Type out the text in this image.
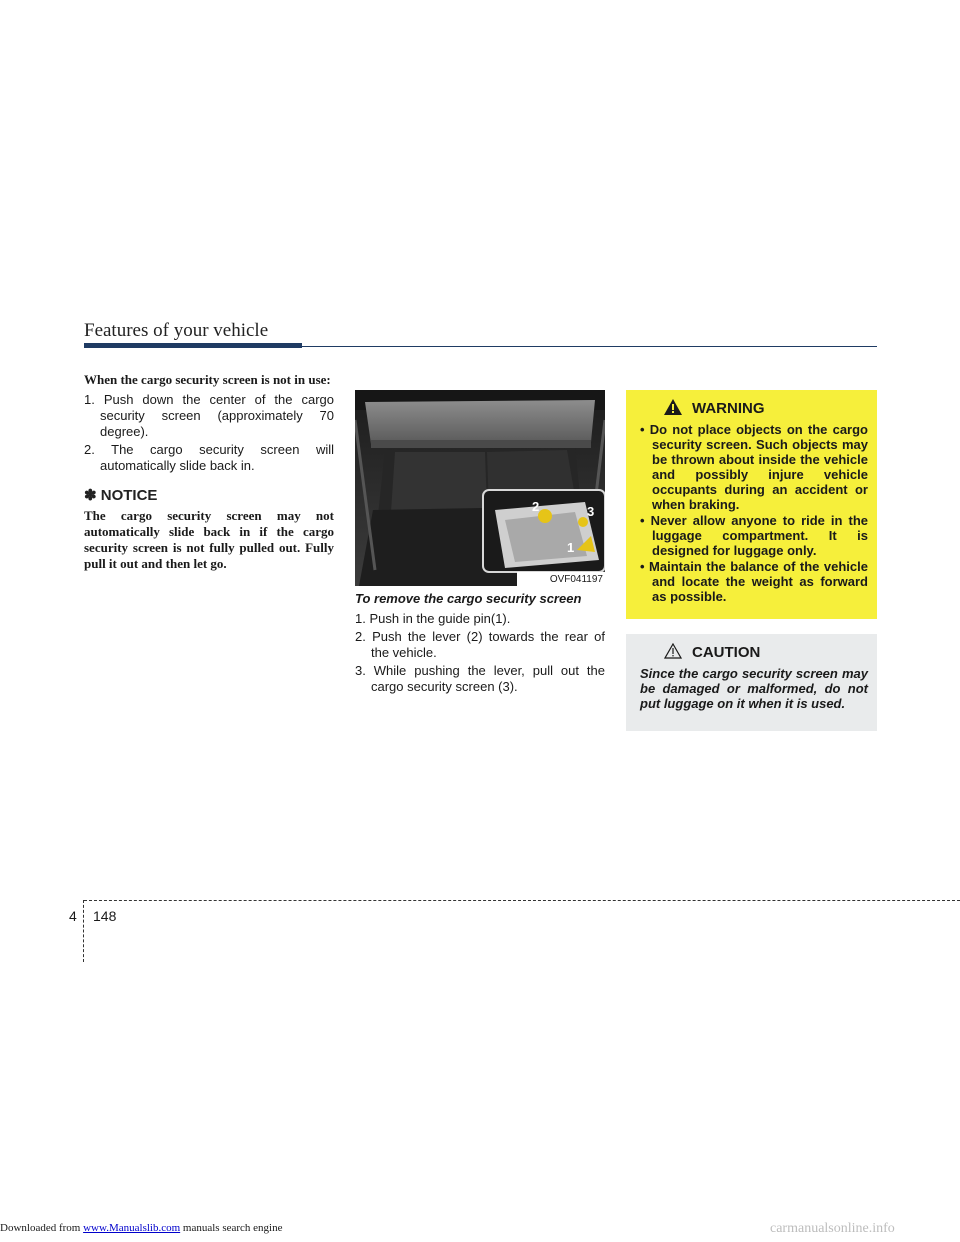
Features of your vehicle
When the cargo security screen is not in use:
1. Push down the center of the cargo security screen (approximately 70 degree).
2. The cargo security screen will automatically slide back in.
✽ NOTICE
The cargo security screen may not automatically slide back in if the cargo security screen is not fully pulled out. Fully pull it out and then let go.
2	3
1
OVF041197
To remove the cargo security screen
1. Push in the guide pin(1).
2. Push the lever (2) towards the rear of the vehicle.
3. While pushing the lever, pull out the cargo security screen (3).
WARNING
• Do not place objects on the cargo security screen. Such objects may be thrown about inside the vehicle and possibly injure vehicle occupants during an accident or when braking.
• Never allow anyone to ride in the luggage compartment. It is designed for luggage only.
• Maintain the balance of the vehicle and locate the weight as forward as possible.
CAUTION
Since the cargo security screen may be damaged or malformed, do not put luggage on it when it is used.
4 148
Downloaded from www.Manualslib.com manuals search engine	carmanualsonline.info
